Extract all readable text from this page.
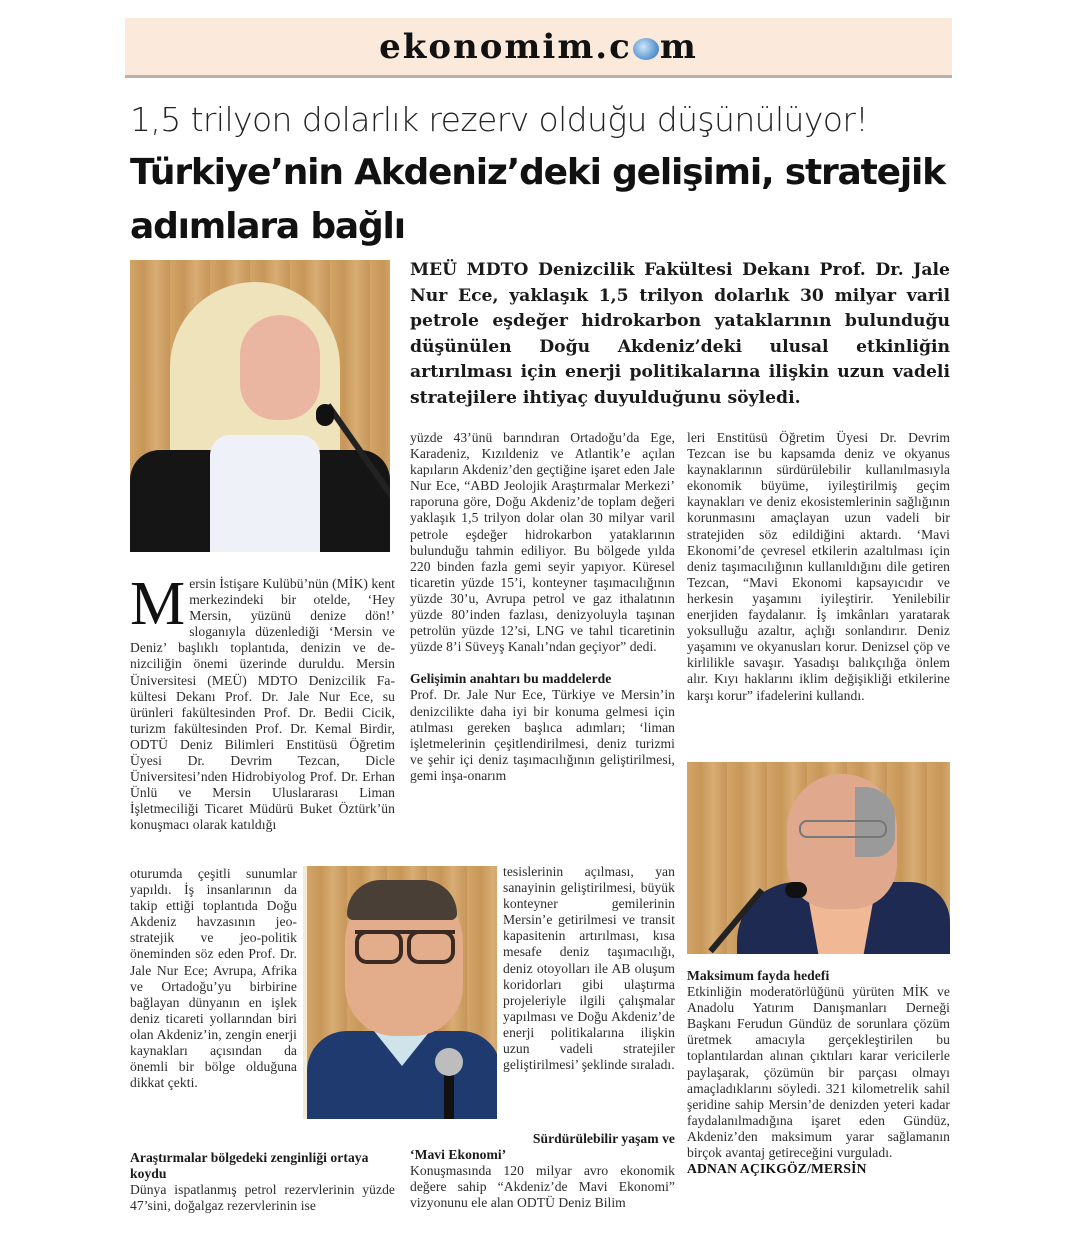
ekonomim.c m
1,5 trilyon dolarlık rezerv olduğu düşünülüyor!
Türkiye’nin Akdeniz’deki gelişimi, stratejik adımlara bağlı

MEÜ MDTO Denizcilik Fakültesi Dekanı Prof. Dr. Jale Nur Ece, yaklaşık 1,5 trilyon dolarlık 30 milyar varil petrole eşdeğer hidrokarbon yataklarının bulunduğu düşünülen Doğu Akdeniz’deki ulusal etkinliğin artırılması için enerji politikalarına ilişkin uzun vadeli stratejilere ihtiyaç duyulduğunu söyledi.

Mersin İstişare Kulübü’nün (MİK) kent merkezindeki bir otelde, ‘Hey Mersin, yüzünü denize dön!’ sloganıyla düzenlediği ‘Mersin ve Deniz’ başlıklı toplantıda, denizin ve denizciliğin önemi üzerinde duruldu. Mersin Üniversitesi (MEÜ) MDTO Denizcilik Fakültesi Dekanı Prof. Dr. Jale Nur Ece, su ürünleri fakültesinden Prof. Dr. Bedii Cicik, turizm fakültesinden Prof. Dr. Kemal Birdir, ODTÜ Deniz Bilimleri Enstitüsü Öğretim Üyesi Dr. Devrim Tezcan, Dicle Üniversitesi’nden Hidrobiyolog Prof. Dr. Erhan Ünlü ve Mersin Uluslararası Liman İşletmeciliği Ticaret Müdürü Buket Öztürk’ün konuşmacı olarak katıldığı

oturumda çeşitli sunumlar yapıldı. İş insanlarının da takip ettiği toplantıda Doğu Akdeniz havzasının jeo-stratejik ve jeo-politik öneminden söz eden Prof. Dr. Jale Nur Ece; Avrupa, Afrika ve Ortadoğu’yu birbirine bağlayan dünyanın en işlek deniz ticareti yollarından biri olan Akdeniz’in, zengin enerji kaynakları açısından da önemli bir bölge olduğuna dikkat çekti.

Araştırmalar bölgedeki zenginliği ortaya koydu

Dünya ispatlanmış petrol rezervlerinin yüzde 47’sini, doğalgaz rezervlerinin ise

yüzde 43’ünü barındıran Ortadoğu’da Ege, Karadeniz, Kızıldeniz ve Atlantik’e açılan kapıların Akdeniz’den geçtiğine işaret eden Jale Nur Ece, “ABD Jeolojik Araştırmalar Merkezi’ raporuna göre, Doğu Akdeniz’de toplam değeri yaklaşık 1,5 trilyon dolar olan 30 milyar varil petrole eşdeğer hidrokarbon yataklarının bulunduğu tahmin ediliyor. Bu bölgede yılda 220 binden fazla gemi seyir yapıyor. Küresel ticaretin yüzde 15’i, konteyner taşımacılığının yüzde 30’u, Avrupa petrol ve gaz ithalatının yüzde 80’inden fazlası, denizyoluyla taşınan petrolün yüzde 12’si, LNG ve tahıl ticaretinin yüzde 8’i Süveyş Kanalı’ndan geçiyor” dedi.

Gelişimin anahtarı bu maddelerde

Prof. Dr. Jale Nur Ece, Türkiye ve Mersin’in denizcilikte daha iyi bir konuma gelmesi için atılması gereken başlıca adımları; ‘liman işletmelerinin çeşitlendirilmesi, deniz turizmi ve şehir içi deniz taşımacılığının geliştirilmesi, gemi inşa-onarım

tesislerinin açılması, yan sanayinin geliştirilmesi, büyük konteyner gemilerinin Mersin’e getirilmesi ve transit kapasitenin artırılması, kısa mesafe deniz taşımacılığı, deniz otoyolları ile AB oluşum koridorları gibi ulaştırma projeleriyle ilgili çalışmalar yapılması ve Doğu Akdeniz’de enerji politikalarına ilişkin uzun vadeli stratejiler geliştirilmesi’ şeklinde sıraladı.

Sürdürülebilir yaşam ve

‘Mavi Ekonomi’

Konuşmasında 120 milyar avro ekonomik değere sahip “Akdeniz’de Mavi Ekonomi” vizyonunu ele alan ODTÜ Deniz Bilim

leri Enstitüsü Öğretim Üyesi Dr. Devrim Tezcan ise bu kapsamda deniz ve okyanus kaynaklarının sürdürülebilir kullanılmasıyla ekonomik büyüme, iyileştirilmiş geçim kaynakları ve deniz ekosistemlerinin sağlığının korunmasını amaçlayan uzun vadeli bir stratejiden söz edildiğini aktardı. ‘Mavi Ekonomi’de çevresel etkilerin azaltılması için deniz taşımacılığının kullanıldığını dile getiren Tezcan, “Mavi Ekonomi kapsayıcıdır ve herkesin yaşamını iyileştirir. Yenilebilir enerjiden faydalanır. İş imkânları yaratarak yoksulluğu azaltır, açlığı sonlandırır. Deniz yaşamını ve okyanusları korur. Denizsel çöp ve kirlilikle savaşır. Yasadışı balıkçılığa önlem alır. Kıyı haklarını iklim değişikliği etkilerine karşı korur” ifadelerini kullandı.

Maksimum fayda hedefi

Etkinliğin moderatörlüğünü yürüten MİK ve Anadolu Yatırım Danışmanları Derneği Başkanı Ferudun Gündüz de sorunlara çözüm üretmek amacıyla gerçekleştirilen bu toplantılardan alınan çıktıları karar vericilerle paylaşarak, çözümün bir parçası olmayı amaçladıklarını söyledi. 321 kilometrelik sahil şeridine sahip Mersin’de denizden yeteri kadar faydalanılmadığına işaret eden Gündüz, Akdeniz’den maksimum yarar sağlamanın birçok avantaj getireceğini vurguladı.

ADNAN AÇIKGÖZ/MERSİN
